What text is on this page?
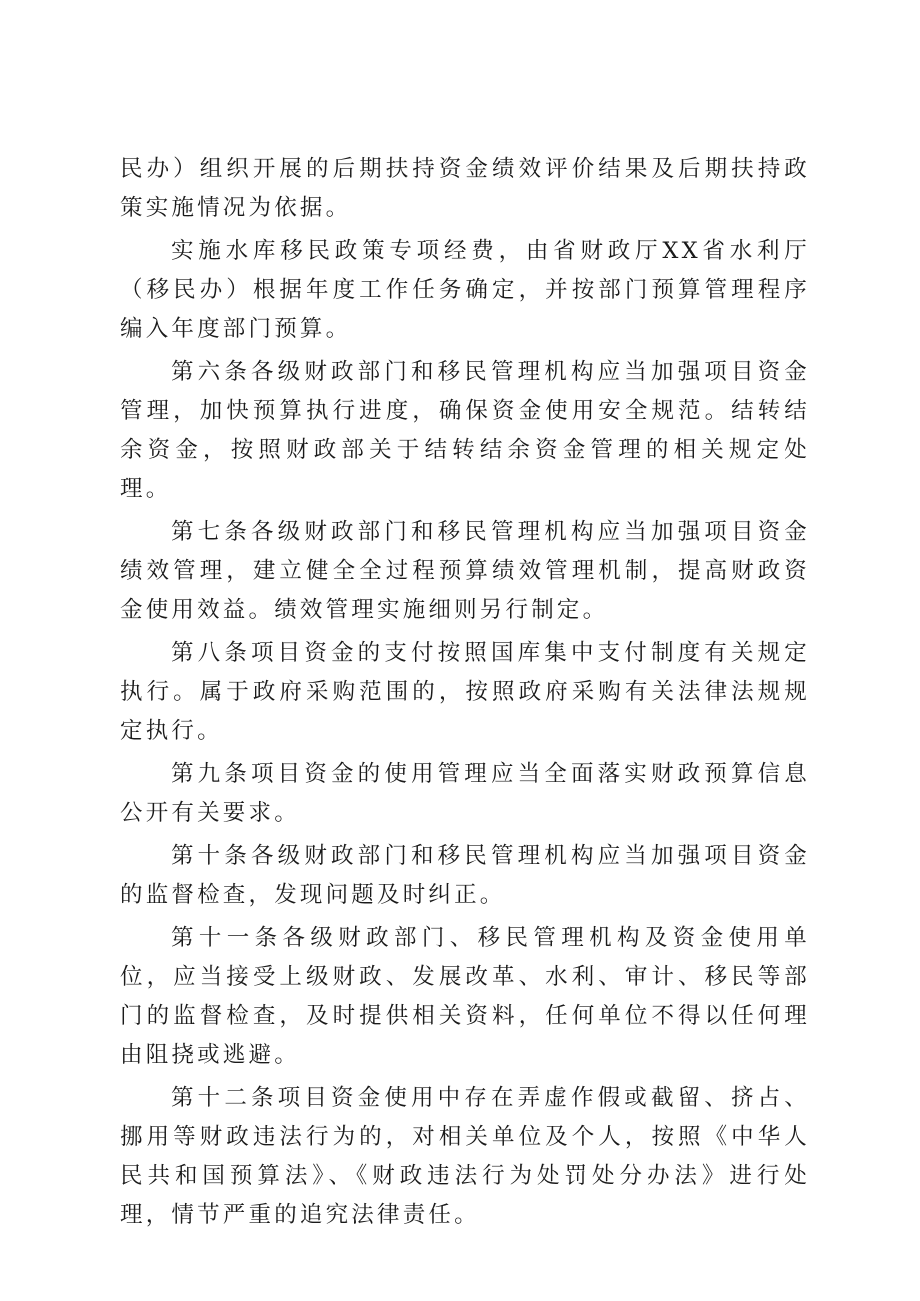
民办）组织开展的后期扶持资金绩效评价结果及后期扶持政策实施情况为依据。

实施水库移民政策专项经费，由省财政厅XX省水利厅（移民办）根据年度工作任务确定，并按部门预算管理程序编入年度部门预算。

第六条各级财政部门和移民管理机构应当加强项目资金管理，加快预算执行进度，确保资金使用安全规范。结转结余资金，按照财政部关于结转结余资金管理的相关规定处理。

第七条各级财政部门和移民管理机构应当加强项目资金绩效管理，建立健全全过程预算绩效管理机制，提高财政资金使用效益。绩效管理实施细则另行制定。

第八条项目资金的支付按照国库集中支付制度有关规定执行。属于政府采购范围的，按照政府采购有关法律法规规定执行。

第九条项目资金的使用管理应当全面落实财政预算信息公开有关要求。

第十条各级财政部门和移民管理机构应当加强项目资金的监督检查，发现问题及时纠正。

第十一条各级财政部门、移民管理机构及资金使用单位，应当接受上级财政、发展改革、水利、审计、移民等部门的监督检查，及时提供相关资料，任何单位不得以任何理由阻挠或逃避。

第十二条项目资金使用中存在弄虚作假或截留、挤占、挪用等财政违法行为的，对相关单位及个人，按照《中华人民共和国预算法》、《财政违法行为处罚处分办法》进行处理，情节严重的追究法律责任。
